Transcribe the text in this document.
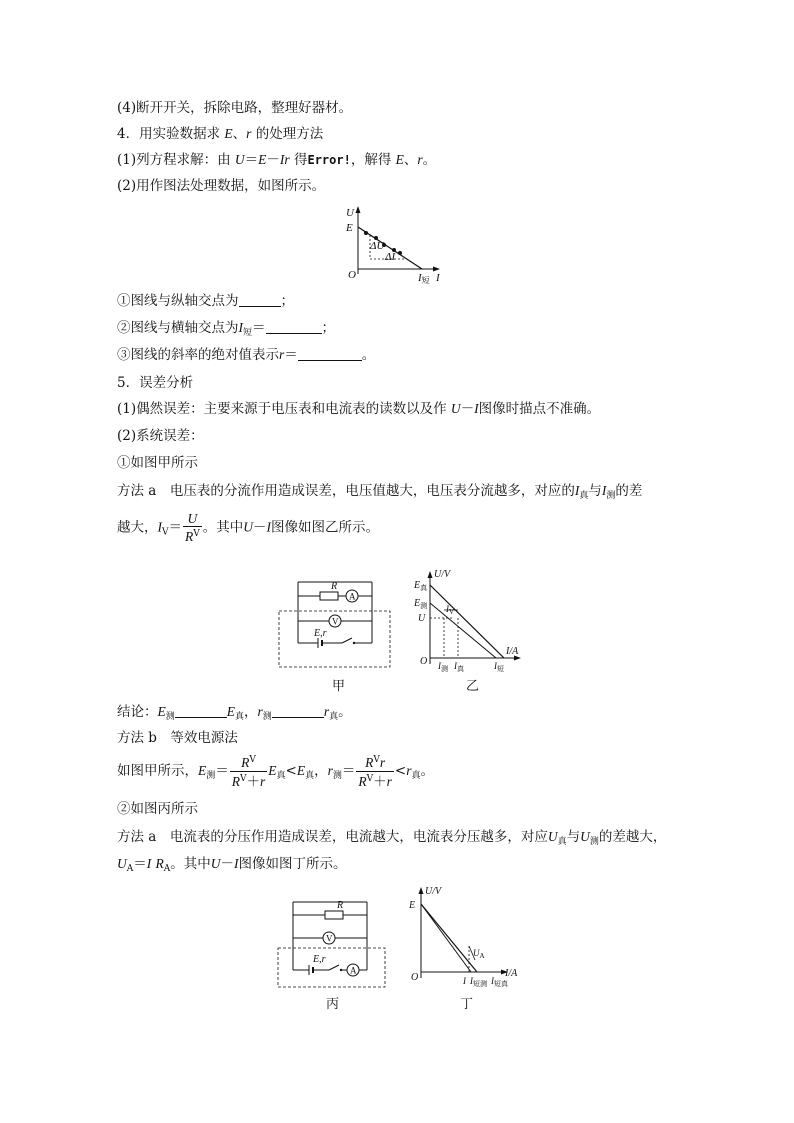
(4)断开开关，拆除电路，整理好器材。
4．用实验数据求 E、r 的处理方法
(1)列方程求解：由 U＝E－Ir 得Error!，解得 E、r。
(2)用作图法处理数据，如图所示。
U
E
ΔU
ΔI
O	I短 I
①图线与纵轴交点为	；
②图线与横轴交点为$I_短=$	；
③图线的斜率的绝对值表示r＝	。
5．误差分析
(1)偶然误差：主要来源于电压表和电流表的读数以及作 U－I图像时描点不准确。
(2)系统误差：
①如图甲所示
方法 a　电压表的分流作用造成误差，电压值越大，电压表分流越多，对应的$I_真$与$I_测$的差
越大，$I_V= \frac{U}{R^V}$ 。其中U－I图像如图乙所示。
A
R
V
E,r
甲
U/V
$E_真$
$E_测$
U
$I_V$
O $I_测$ $I_真$	$I_短$
I/A
乙
结论：$E_测$	$E_真$，$r_测$	$r_真$。
方法 b　等效电源法
如图甲所示，$E_测= \frac{R^V}{R^V+r} E_真<E_真$，$r_测= \frac{R^Vr}{R^V+r} <r_真$。
②如图丙所示
方法 a　电流表的分压作用造成误差，电流越大，电流表分压越多，对应$U_真$与$U_测$的差越大，
$U_A=I$ $R_A$。其中U－I图像如图丁所示。
R
V
A
E,r
丙
U/V
E
$U_A$
O	I $I_{短测}$ $I_{短真}$
I/A
丁
